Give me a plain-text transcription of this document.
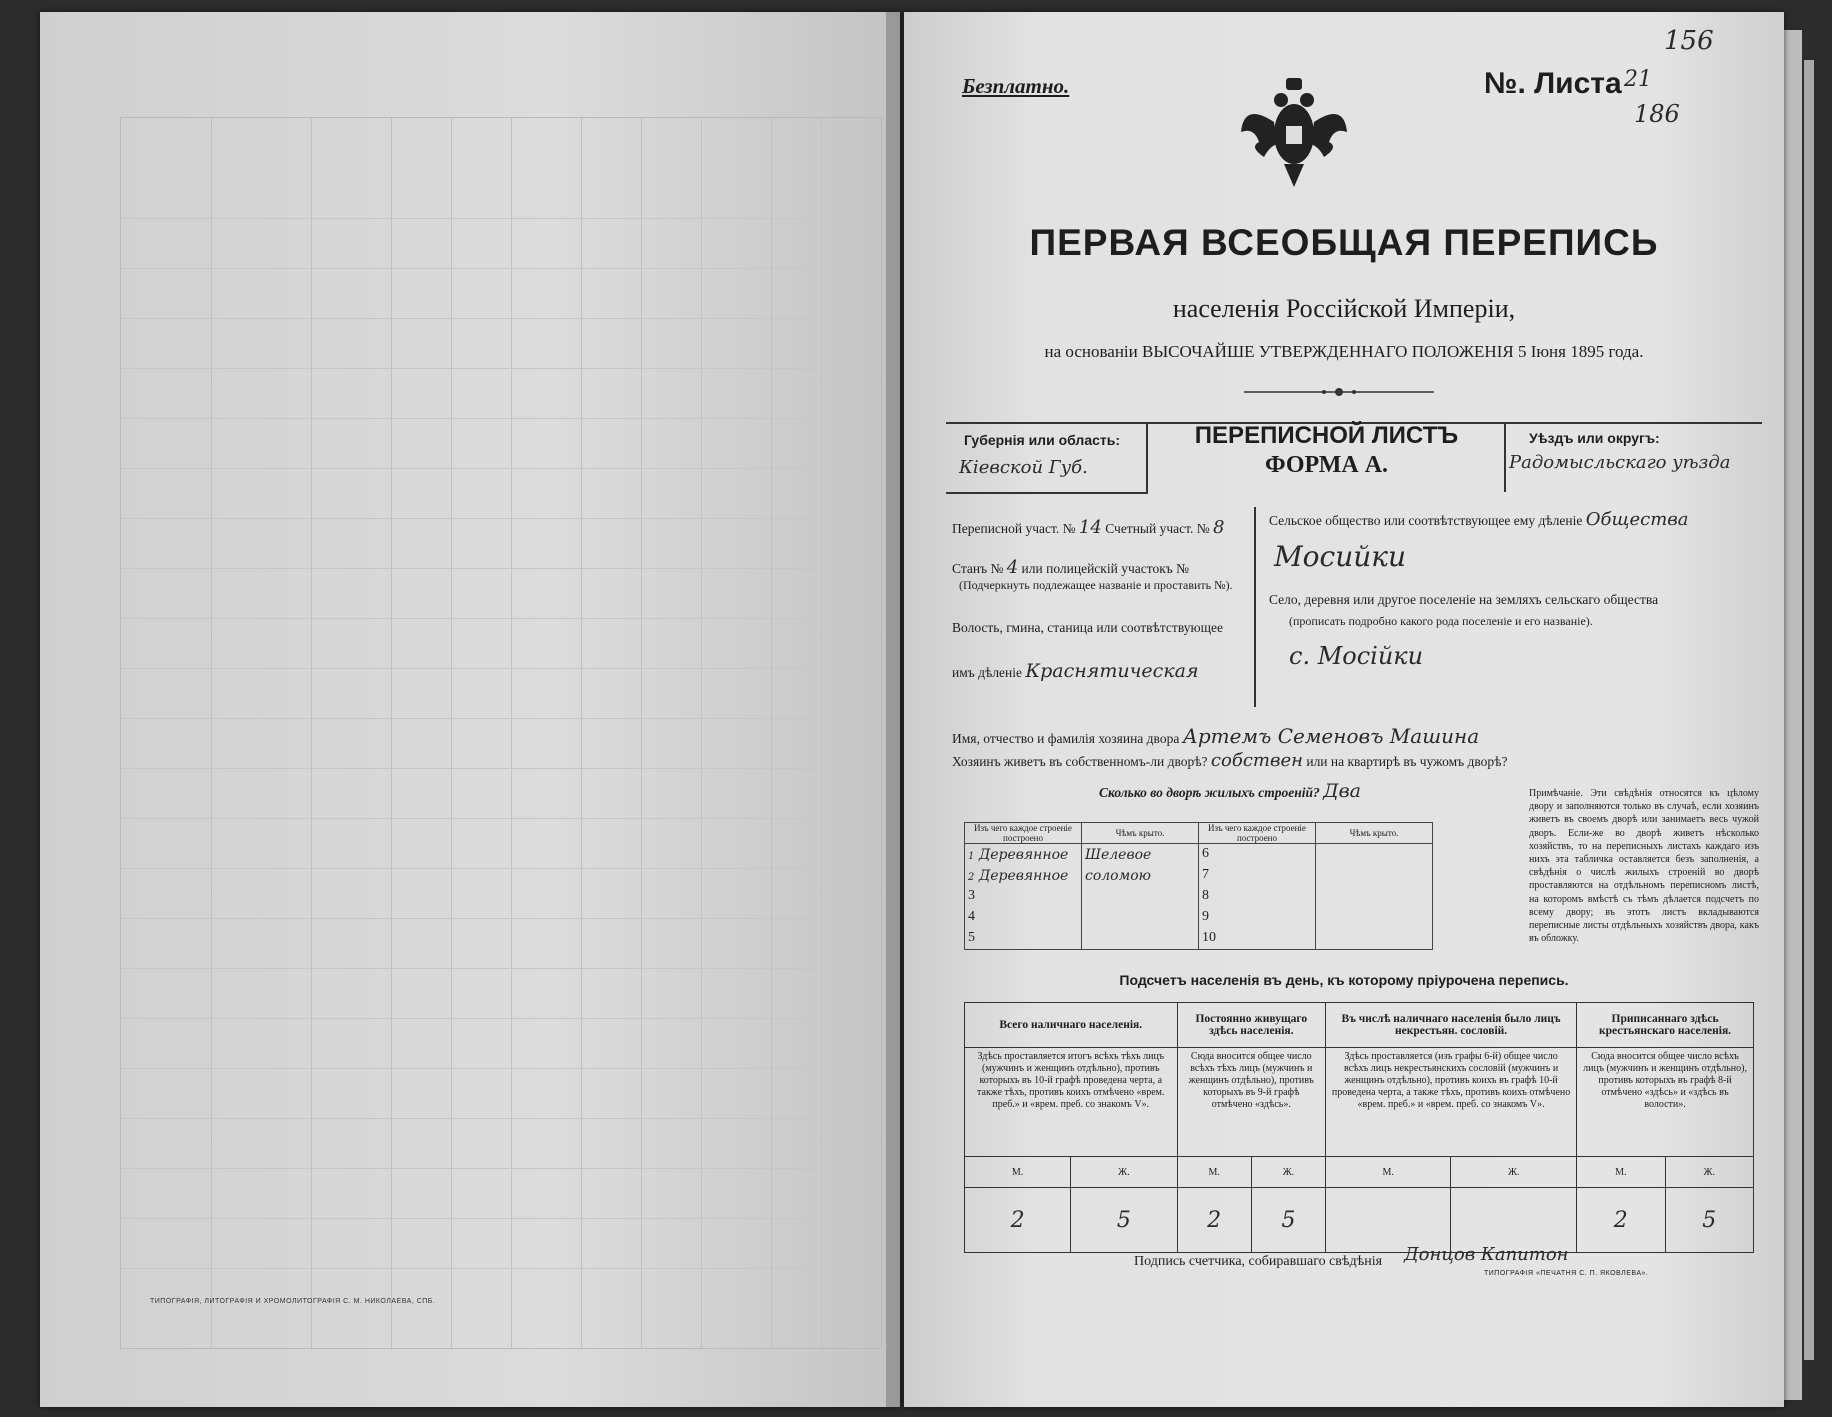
Безплатно.
156
№. Листа 21
186
ПЕРВАЯ ВСЕОБЩАЯ ПЕРЕПИСЬ
населенія Россійской Имперіи,
на основаніи ВЫСОЧАЙШЕ УТВЕРЖДЕННАГО ПОЛОЖЕНІЯ 5 Іюня 1895 года.
Губернія или область:
Кіевской Губ.
ПЕРЕПИСНОЙ ЛИСТЪ
ФОРМА А.
Уѣздъ или округъ:
Радомысльскаго уѣзда
Переписной участ. № 14 Счетный участ. № 8
Станъ № 4 или полицейскій участокъ №
(Подчеркнуть подлежащее названіе и проставить №).
Волость, гмина, станица или соотвѣтствующее
имъ дѣленіе Краснятическая
Сельское общество или соотвѣтствующее ему дѣленіе Общества
Мосийки
Село, деревня или другое поселеніе на земляхъ сельскаго общества
(прописать подробно какого рода поселеніе и его названіе).
с. Мосійки
Имя, отчество и фамилія хозяина двора Артемъ Семеновъ Машина
Хозяинъ живетъ въ собственномъ-ли дворѣ? собствен или на квартирѣ въ чужомъ дворѣ?
Сколько во дворѣ жилыхъ строеній? Два
Изъ чего каждое строеніе построено	Чѣмъ крыто.	Изъ чего каждое строеніе построено	Чѣмъ крыто.
1 Деревянное	Шелевое	6	
2 Деревянное	соломою	7	
3		8	
4		9	
5		10	
Примѣчаніе. Эти свѣдѣнія относятся къ цѣлому двору и заполняются только въ случаѣ, если хозяинъ живетъ въ своемъ дворѣ или занимаетъ весь чужой дворъ. Если-же во дворѣ живетъ нѣсколько хозяйствъ, то на переписныхъ листахъ каждаго изъ нихъ эта табличка оставляется безъ заполненія, а свѣдѣнія о числѣ жилыхъ строеній во дворѣ проставляются на отдѣльномъ переписномъ листѣ, на которомъ вмѣстѣ съ тѣмъ дѣлается подсчетъ по всему двору; въ этотъ листъ вкладываются переписные листы отдѣльныхъ хозяйствъ двора, какъ въ обложку.
Подсчетъ населенія въ день, къ которому пріурочена перепись.
Всего наличнаго населенія.		Постоянно живущаго здѣсь населенія.		Въ числѣ наличнаго населенія было лицъ некрестьян. сословій.		Приписаннаго здѣсь крестьянскаго населенія.	
Здѣсь проставляется итогъ всѣхъ тѣхъ лицъ (мужчинъ и женщинъ отдѣльно), противъ которыхъ въ 10-й графѣ проведена черта, а также тѣхъ, противъ коихъ отмѣчено «врем. преб.» и «врем. преб. со знакомъ V».		Сюда вносится общее число всѣхъ тѣхъ лицъ (мужчинъ и женщинъ отдѣльно), противъ которыхъ въ 9-й графѣ отмѣчено «здѣсь».		Здѣсь проставляется (изъ графы 6-й) общее число всѣхъ лицъ некрестьянскихъ сословій (мужчинъ и женщинъ отдѣльно), противъ коихъ въ графѣ 10-й проведена черта, а также тѣхъ, противъ коихъ отмѣчено «врем. преб.» и «врем. преб. со знакомъ V».		Сюда вносится общее число всѣхъ лицъ (мужчинъ и женщинъ отдѣльно), противъ которыхъ въ графѣ 8-й отмѣчено «здѣсь» и «здѣсь въ волости».	
М.	Ж.	М.	Ж.	М.	Ж.	М.	Ж.
2	5	2	5			2	5
Подпись счетчика, собиравшаго свѣдѣнія Донцов Капитон
ТИПОГРАФІЯ «ПЕЧАТНЯ С. П. ЯКОВЛЕВА».
ТИПОГРАФІЯ, ЛИТОГРАФІЯ И ХРОМОЛИТОГРАФІЯ С. М. НИКОЛАЕВА, СПБ.
